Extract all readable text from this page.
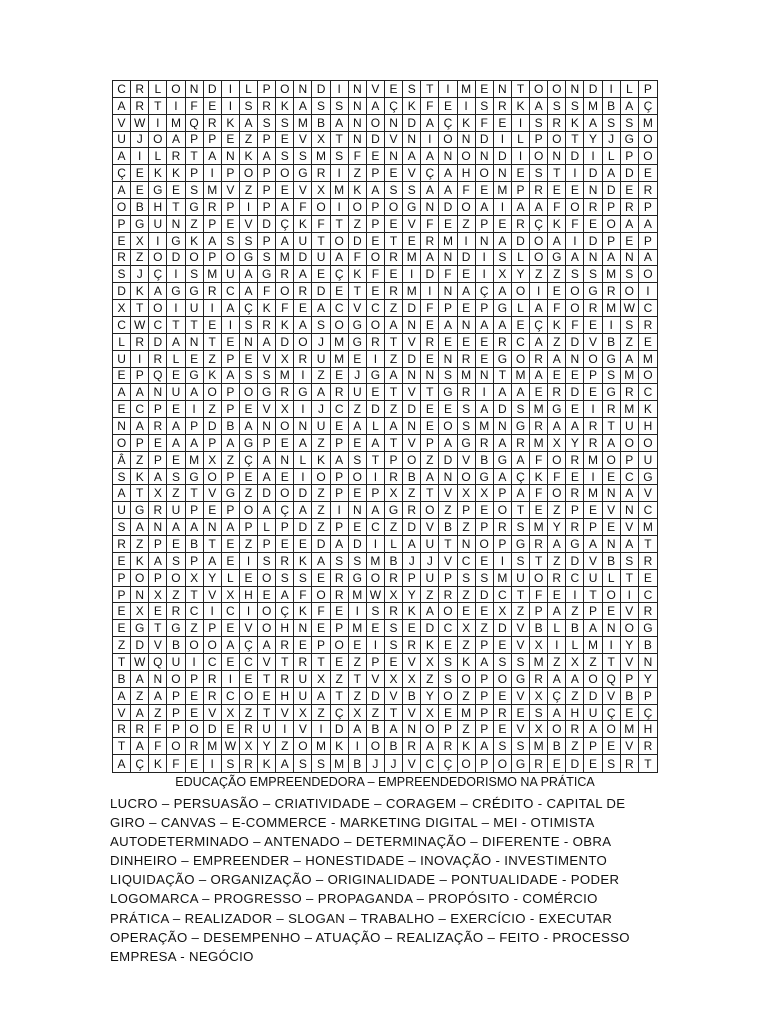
C R L O N D	I	L P O N D	I	N V E S T	I M E N T O O N D	I	L P
A R T	I	F E	I	S R K A S S N A Ç K F E	I	S R K A S S M B A Ç
V W I M Q R K A S S M B A N O N D A Ç K F E	I	S R K A S S M
U J O A P P E Z P E V X T N D V N	I O N D	I	L P O T Y J G O
A	I	L R T A N K A S S M S F E N A A N O N D	I O N D	I	L P O
Ç E K K P	I	P O P O G R	I	Z P E V Ç A H O N E S T	I	D A D E
A E G E S M V Z P E V X M K A S S A A F E M P R E E N D E R
O B H T G R P	I	P A F O I O P O G N D O A	I	A A F O R P R P
P G U N Z P E V D Ç K F T Z P E V F E Z P E R Ç K F E O A A
E X	I G K A S S P A U T O D E T E R M I	N A D O A	I	D P E P
R Z O D O P O G S M D U A F O R M A N D	I	S L O G A N A N A
S J Ç	I	S M U A G R A E Ç K F E	I	D F E	I	X Y Z Z S S M S O
D K A G G R C A F O R D E T E R M I	N A Ç A O I	E O G R O	I
X T O I	U	I	A Ç K F E A C V C Z D F P E P G L A F O R M W C
C W C T T E	I	S R K A S O G O A N E A N A A E Ç K F E	I	S R
L R D A N T E N A D O J M G R T V R E E E R C A Z D V B Z E
U	I	R L E Z P E V X R U M E	I	Z D E N R E G O R A N O G A M
E P Q E G K A S S M I	Z E J G A N N S M N T M A E E P S M O
A A N U A O P O G R G A R U E T V T G R	I	A A E R D E G R C
E C P E	I	Z P E V X	I	J C Z D Z D E E S A D S M G E	I	R M K
N A R A P D B A N O N U E A L A N E O S M N G R A A R T U H
O P E A A P A G P E A Z P E A T V P A G R A R M X Y R A O O
Â Z P E M X Z Ç A N L K A S T P O Z D V B G A F O R M O P U
S K A S G O P E A E	I O P O I	R B A N O G A Ç K F E	I	E C G
A T X Z T V G Z D O D Z P E P X Z T V X X P A F O R M N A V
U G R U P E P O A Ç A Z	I	N A G R O Z P E O T E Z P E V N C
S A N A A N A P L P D Z P E C Z D V B Z P R S M Y R P E V M
R Z P E B T E Z P E E D A D	I	L A U T N O P G R A G A N A T
E K A S P A E	I	S R K A S S M B J	J V C E	I	S T Z D V B S R
P O P O X Y L E O S S E R G O R P U P S S M U O R C U L T E
P N X Z T V X H E A F O R M W X Y Z R Z D C T F E	I	T O I	C
E X E R C	I	C	I O Ç K F E	I	S R K A O E E X Z P A Z P E V R
E G T G Z P E V O H N E P M E S E D C X Z D V B L B A N O G
Z D V B O O A Ç A R E P O E	I	S R K E Z P E V X	I	L M I	Y B
T W Q U	I	C E C V T R T E Z P E V X S K A S S M Z X Z T V N
B A N O P R	I	E T R U X Z T V X X Z S O P O G R A A O Q P Y
A Z A P E R C O E H U A T Z D V B Y O Z P E V X Ç Z D V B P
V A Z P E V X Z T V X Z Ç X Z T V X E M P R E S A H U Ç E Ç
R R F P O D E R U	I	V	I	D A B A N O P Z P E V X O R A O M H
T A F O R M W X Y Z O M K	I O B R A R K A S S M B Z P E V R
A Ç K F E	I	S R K A S S M B J	J V C Ç O P O G R E D E S R T
EDUCAÇÃO EMPREENDEDORA – EMPREENDEDORISMO NA PRÁTICA
LUCRO – PERSUASÃO – CRIATIVIDADE – CORAGEM – CRÉDITO - CAPITAL DE
GIRO – CANVAS – E-COMMERCE - MARKETING DIGITAL – MEI - OTIMISTA
AUTODETERMINADO – ANTENADO – DETERMINAÇÃO – DIFERENTE - OBRA
DINHEIRO – EMPREENDER – HONESTIDADE – INOVAÇÃO - INVESTIMENTO
LIQUIDAÇÃO – ORGANIZAÇÃO – ORIGINALIDADE – PONTUALIDADE - PODER
LOGOMARCA – PROGRESSO – PROPAGANDA – PROPÓSITO - COMÉRCIO
PRÁTICA – REALIZADOR – SLOGAN – TRABALHO – EXERCÍCIO - EXECUTAR
OPERAÇÃO – DESEMPENHO – ATUAÇÃO – REALIZAÇÃO – FEITO - PROCESSO
EMPRESA - NEGÓCIO
